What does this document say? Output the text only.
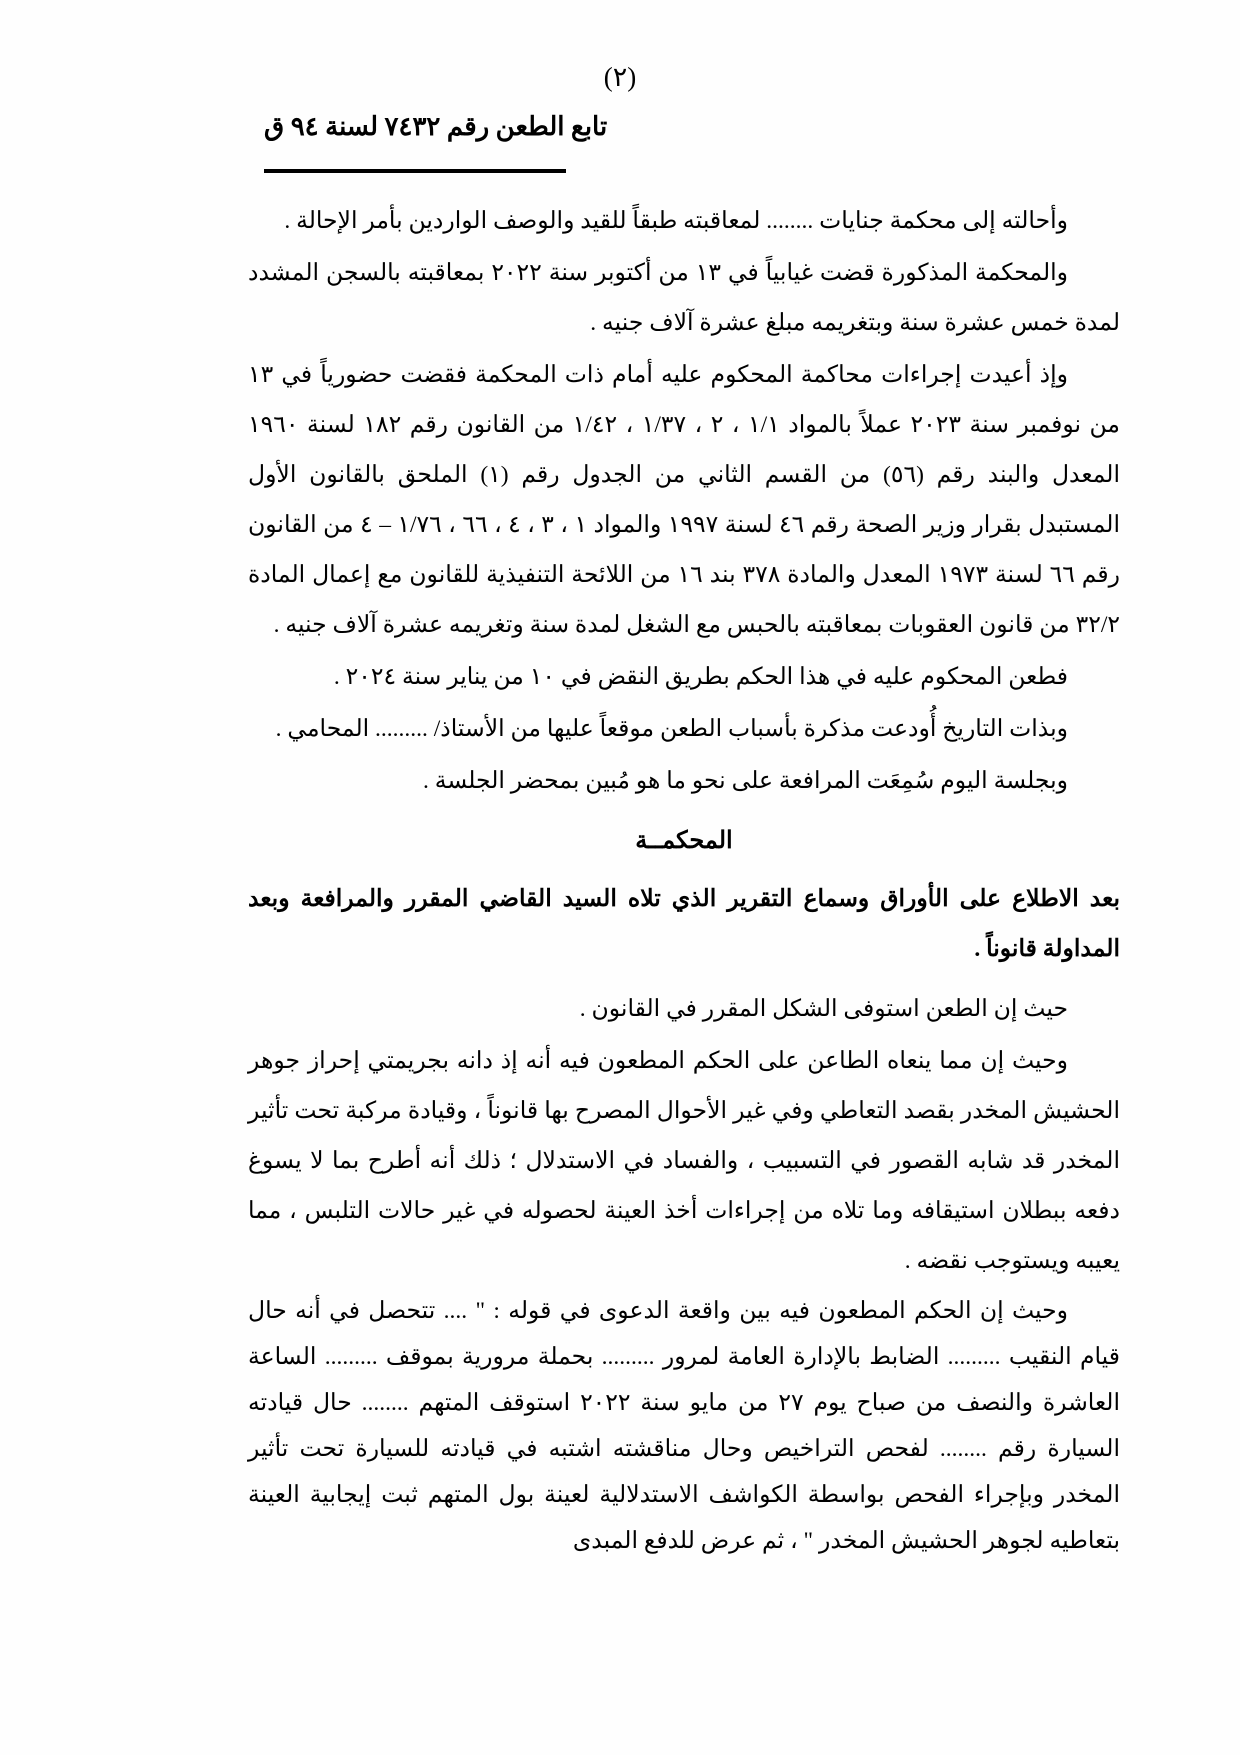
(٢)
تابع الطعن رقم ٧٤٣٢ لسنة ٩٤ ق

وأحالته إلى محكمة جنايات ........ لمعاقبته طبقاً للقيد والوصف الواردين بأمر الإحالة .

والمحكمة المذكورة قضت غيابياً في ١٣ من أكتوبر سنة ٢٠٢٢ بمعاقبته بالسجن المشدد لمدة خمس عشرة سنة وبتغريمه مبلغ عشرة آلاف جنيه .

وإذ أعيدت إجراءات محاكمة المحكوم عليه أمام ذات المحكمة فقضت حضورياً في ١٣ من نوفمبر سنة ٢٠٢٣ عملاً بالمواد ١/١ ، ٢ ، ١/٣٧ ، ١/٤٢ من القانون رقم ١٨٢ لسنة ١٩٦٠ المعدل والبند رقم (٥٦) من القسم الثاني من الجدول رقم (١) الملحق بالقانون الأول المستبدل بقرار وزير الصحة رقم ٤٦ لسنة ١٩٩٧ والمواد ١ ، ٣ ، ٤ ، ٦٦ ، ١/٧٦ – ٤ من القانون رقم ٦٦ لسنة ١٩٧٣ المعدل والمادة ٣٧٨ بند ١٦ من اللائحة التنفيذية للقانون مع إعمال المادة ٣٢/٢ من قانون العقوبات بمعاقبته بالحبس مع الشغل لمدة سنة وتغريمه عشرة آلاف جنيه .

فطعن المحكوم عليه في هذا الحكم بطريق النقض في ١٠ من يناير سنة ٢٠٢٤ .

وبذات التاريخ أُودعت مذكرة بأسباب الطعن موقعاً عليها من الأستاذ/ ......... المحامي .

وبجلسة اليوم سُمِعَت المرافعة على نحو ما هو مُبين بمحضر الجلسة .

المحكمــة

بعد الاطلاع على الأوراق وسماع التقرير الذي تلاه السيد القاضي المقرر والمرافعة وبعد المداولة قانوناً .

حيث إن الطعن استوفى الشكل المقرر في القانون .

وحيث إن مما ينعاه الطاعن على الحكم المطعون فيه أنه إذ دانه بجريمتي إحراز جوهر الحشيش المخدر بقصد التعاطي وفي غير الأحوال المصرح بها قانوناً ، وقيادة مركبة تحت تأثير المخدر قد شابه القصور في التسبيب ، والفساد في الاستدلال ؛ ذلك أنه أطرح بما لا يسوغ دفعه ببطلان استيقافه وما تلاه من إجراءات أخذ العينة لحصوله في غير حالات التلبس ، مما يعيبه ويستوجب نقضه .

وحيث إن الحكم المطعون فيه بين واقعة الدعوى في قوله : " .... تتحصل في أنه حال قيام النقيب ......... الضابط بالإدارة العامة لمرور ......... بحملة مرورية بموقف ......... الساعة العاشرة والنصف من صباح يوم ٢٧ من مايو سنة ٢٠٢٢ استوقف المتهم ........ حال قيادته السيارة رقم ........ لفحص التراخيص وحال مناقشته اشتبه في قيادته للسيارة تحت تأثير المخدر وبإجراء الفحص بواسطة الكواشف الاستدلالية لعينة بول المتهم ثبت إيجابية العينة بتعاطيه لجوهر الحشيش المخدر " ، ثم عرض للدفع المبدى
